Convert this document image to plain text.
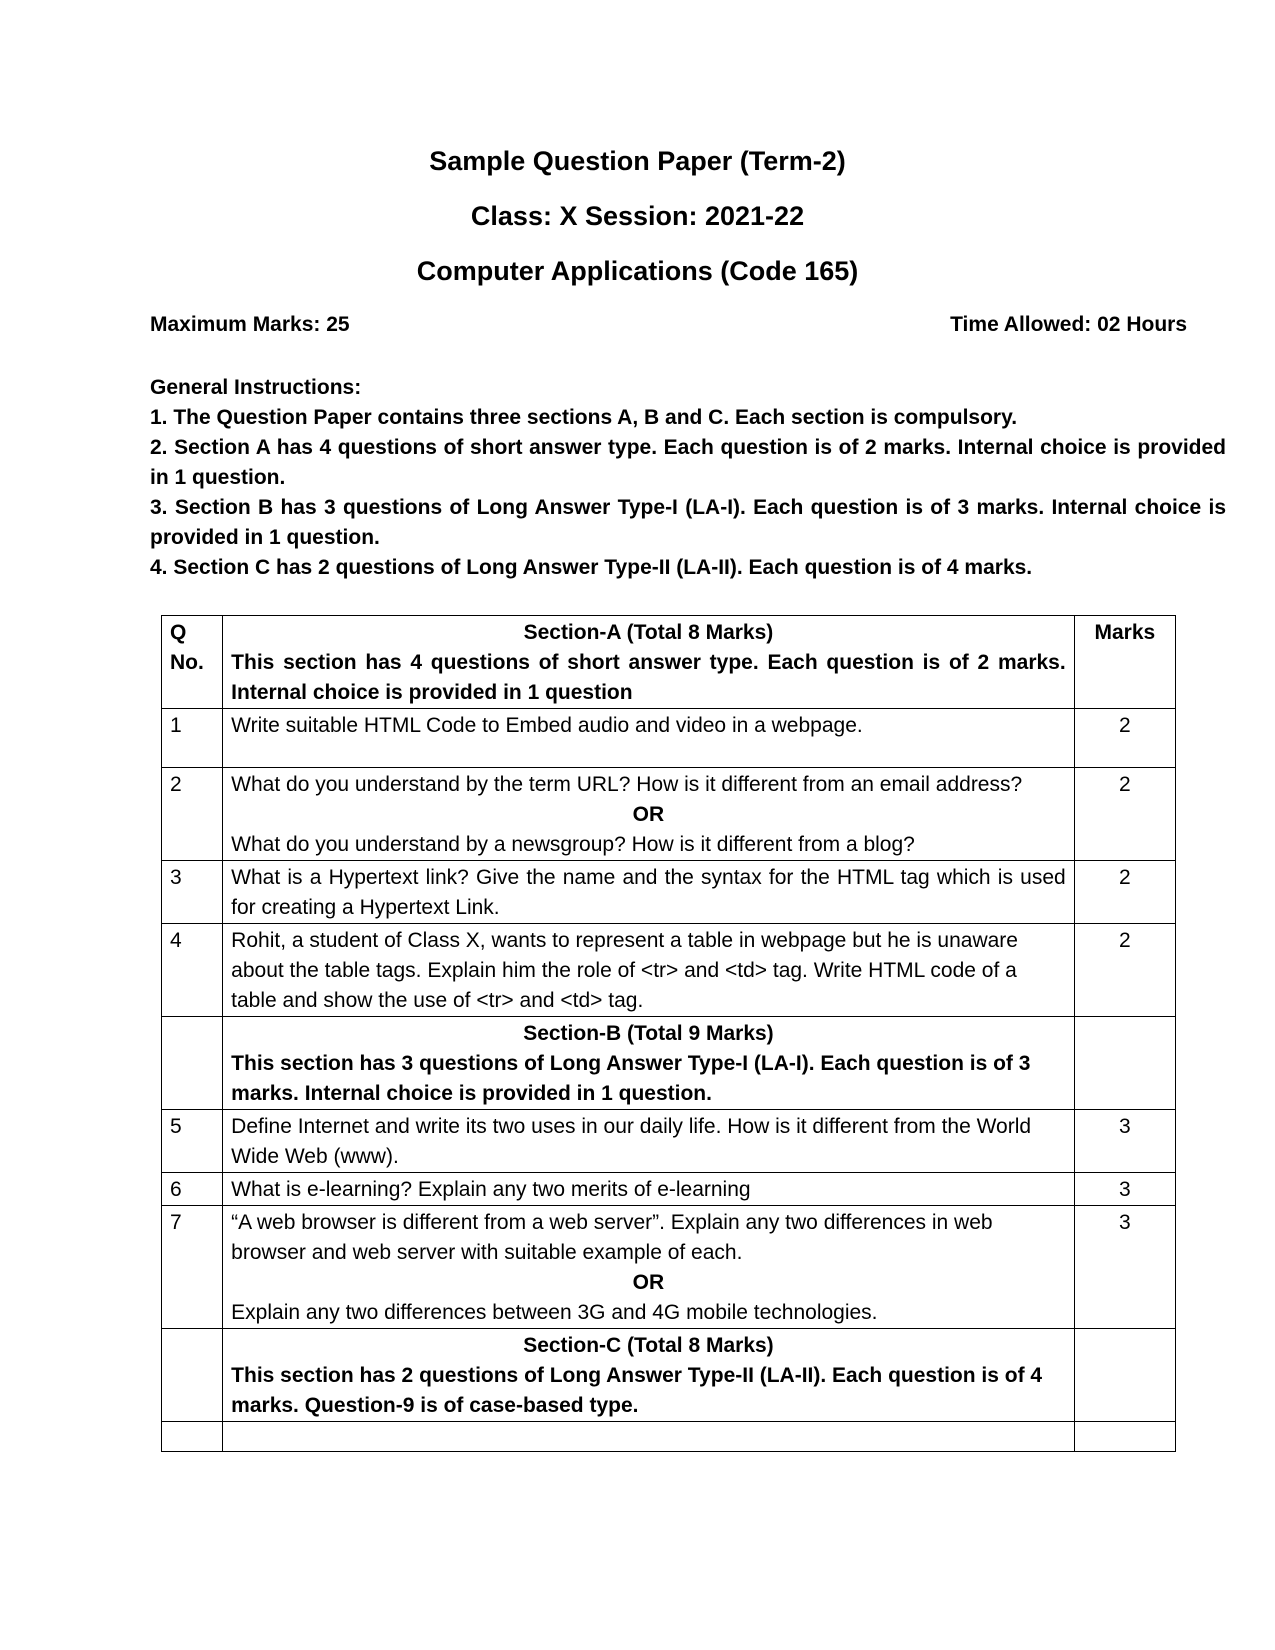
Sample Question Paper (Term-2)
Class: X Session: 2021-22
Computer Applications (Code 165)
Maximum Marks: 25	Time Allowed: 02 Hours

General Instructions:

1. The Question Paper contains three sections A, B and C. Each section is compulsory.

2. Section A has 4 questions of short answer type. Each question is of 2 marks. Internal choice is provided in 1 question.

3. Section B has 3 questions of Long Answer Type-I (LA-I). Each question is of 3 marks. Internal choice is provided in 1 question.

4. Section C has 2 questions of Long Answer Type-II (LA-II). Each question is of 4 marks.

Q No.	Section-A (Total 8 Marks)
This section has 4 questions of short answer type. Each question is of 2 marks. Internal choice is provided in 1 question	Marks
1	Write suitable HTML Code to Embed audio and video in a webpage.	2
2	What do you understand by the term URL? How is it different from an email address?
OR
What do you understand by a newsgroup? How is it different from a blog?	2
3	What is a Hypertext link? Give the name and the syntax for the HTML tag which is used for creating a Hypertext Link.	2
4	Rohit, a student of Class X, wants to represent a table in webpage but he is unaware about the table tags. Explain him the role of <tr> and <td> tag. Write HTML code of a table and show the use of <tr> and <td> tag.	2

	Section-B (Total 9 Marks)
This section has 3 questions of Long Answer Type-I (LA-I). Each question is of 3 marks. Internal choice is provided in 1 question.	

5	Define Internet and write its two uses in our daily life. How is it different from the World Wide Web (www).	3
6	What is e-learning? Explain any two merits of e-learning	3
7	“A web browser is different from a web server”. Explain any two differences in web browser and web server with suitable example of each.
OR
Explain any two differences between 3G and 4G mobile technologies.	3

	Section-C (Total 8 Marks)
This section has 2 questions of Long Answer Type-II (LA-II). Each question is of 4 marks. Question-9 is of case-based type.	
